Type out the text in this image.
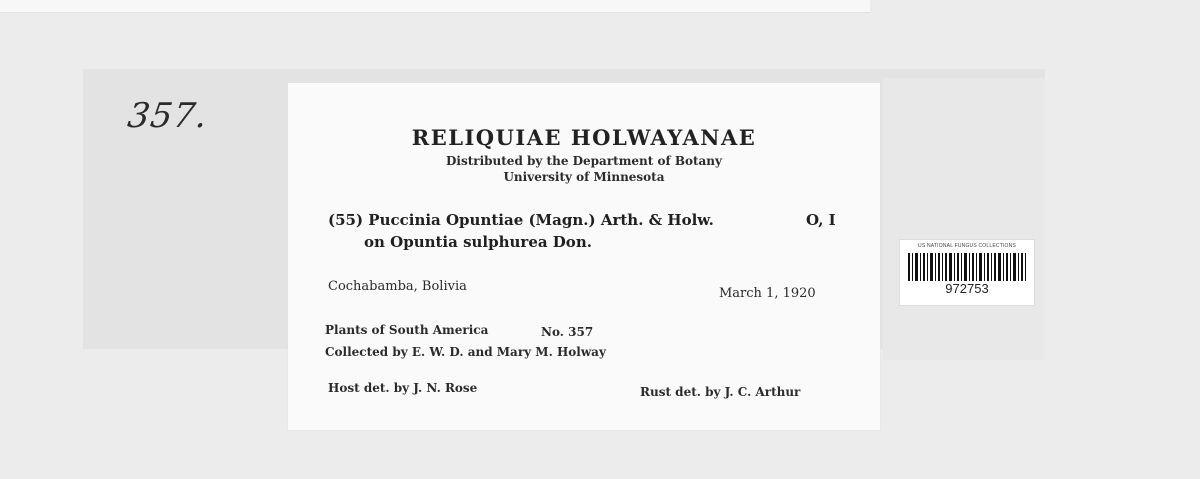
357.
RELIQUIAE HOLWAYANAE
Distributed by the Department of Botany
University of Minnesota
(55) Puccinia Opuntiae (Magn.) Arth. & Holw.	O, I
on Opuntia sulphurea Don.
Cochabamba, Bolivia	March 1, 1920
Plants of South America	No. 357
Collected by E. W. D. and Mary M. Holway
Host det. by J. N. Rose	Rust det. by J. C. Arthur
US NATIONAL FUNGUS COLLECTIONS
972753
